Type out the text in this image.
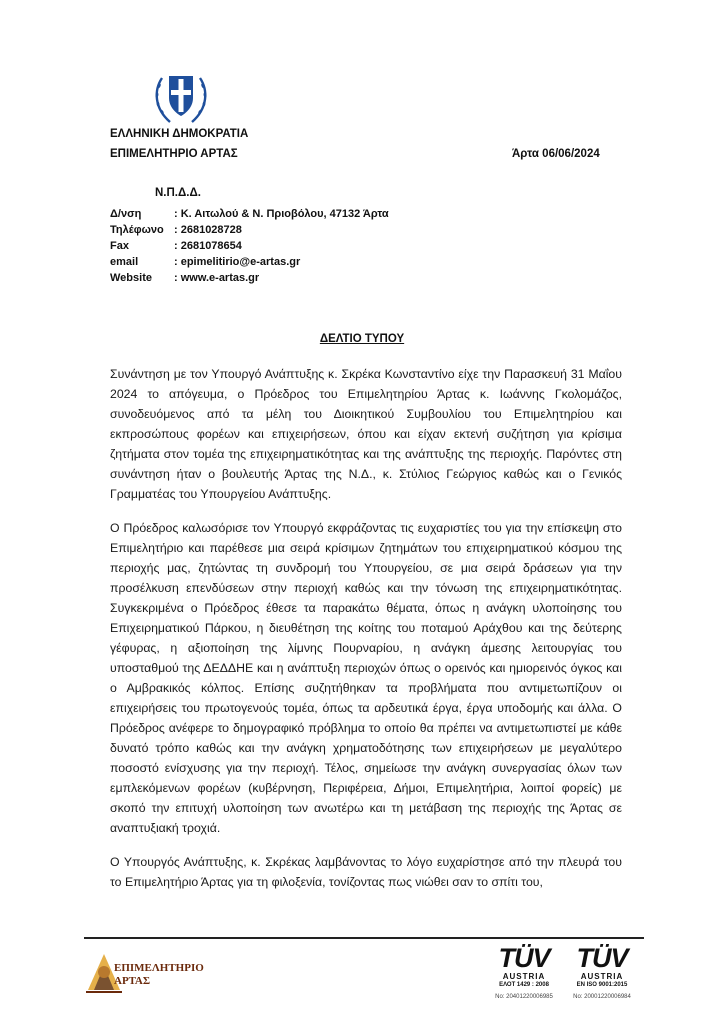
ΕΛΛΗΝΙΚΗ ΔΗΜΟΚΡΑΤΙΑ
ΕΠΙΜΕΛΗΤΗΡΙΟ ΑΡΤΑΣ	Άρτα 06/06/2024
Ν.Π.Δ.Δ.
Δ/νση	: Κ. Αιτωλού & Ν. Πριοβόλου, 47132 Άρτα
Τηλέφωνο : 2681028728
Fax	: 2681078654
email	: epimelitirio@e-artas.gr
Website	: www.e-artas.gr
ΔΕΛΤΙΟ ΤΥΠΟΥ

Συνάντηση με τον Υπουργό Ανάπτυξης κ. Σκρέκα Κωνσταντίνο είχε την Παρασκευή 31 Μαΐου 2024 το απόγευμα, ο Πρόεδρος του Επιμελητηρίου Άρτας κ. Ιωάννης Γκολομάζος, συνοδευόμενος από τα μέλη του Διοικητικού Συμβουλίου του Επιμελητηρίου και εκπροσώπους φορέων και επιχειρήσεων, όπου και είχαν εκτενή συζήτηση για κρίσιμα ζητήματα στον τομέα της επιχειρηματικότητας και της ανάπτυξης της περιοχής. Παρόντες στη συνάντηση ήταν ο βουλευτής Άρτας της Ν.Δ., κ. Στύλιος Γεώργιος καθώς και ο Γενικός Γραμματέας του Υπουργείου Ανάπτυξης.

Ο Πρόεδρος καλωσόρισε τον Υπουργό εκφράζοντας τις ευχαριστίες του για την επίσκεψη στο Επιμελητήριο και παρέθεσε μια σειρά κρίσιμων ζητημάτων του επιχειρηματικού κόσμου της περιοχής μας, ζητώντας τη συνδρομή του Υπουργείου, σε μια σειρά δράσεων για την προσέλκυση επενδύσεων στην περιοχή καθώς και την τόνωση της επιχειρηματικότητας. Συγκεκριμένα ο Πρόεδρος έθεσε τα παρακάτω θέματα, όπως η ανάγκη υλοποίησης του Επιχειρηματικού Πάρκου, η διευθέτηση της κοίτης του ποταμού Αράχθου και της δεύτερης γέφυρας, η αξιοποίηση της λίμνης Πουρναρίου, η ανάγκη άμεσης λειτουργίας του υποσταθμού της ΔΕΔΔΗΕ και η ανάπτυξη περιοχών όπως ο ορεινός και ημιορεινός όγκος και ο Αμβρακικός κόλπος. Επίσης συζητήθηκαν τα προβλήματα που αντιμετωπίζουν οι επιχειρήσεις του πρωτογενούς τομέα, όπως τα αρδευτικά έργα, έργα υποδομής και άλλα. Ο Πρόεδρος ανέφερε το δημογραφικό πρόβλημα το οποίο θα πρέπει να αντιμετωπιστεί με κάθε δυνατό τρόπο καθώς και την ανάγκη χρηματοδότησης των επιχειρήσεων με μεγαλύτερο ποσοστό ενίσχυσης για την περιοχή. Τέλος, σημείωσε την ανάγκη συνεργασίας όλων των εμπλεκόμενων φορέων (κυβέρνηση, Περιφέρεια, Δήμοι, Επιμελητήρια, λοιποί φορείς) με σκοπό την επιτυχή υλοποίηση των ανωτέρω και τη μετάβαση της περιοχής της Άρτας σε αναπτυξιακή τροχιά.

Ο Υπουργός Ανάπτυξης, κ. Σκρέκας λαμβάνοντας το λόγο ευχαρίστησε από την πλευρά του το Επιμελητήριο Άρτας για τη φιλοξενία, τονίζοντας πως νιώθει σαν το σπίτι του,

ΕΠΙΜΕΛΗΤΗΡΙΟ
ΑΡΤΑΣ
TÜV
AUSTRIA
ΕΛΟΤ 1429 : 2008
No: 20401220006985
TÜV
AUSTRIA
EN ISO 9001:2015
No: 20001220006984
